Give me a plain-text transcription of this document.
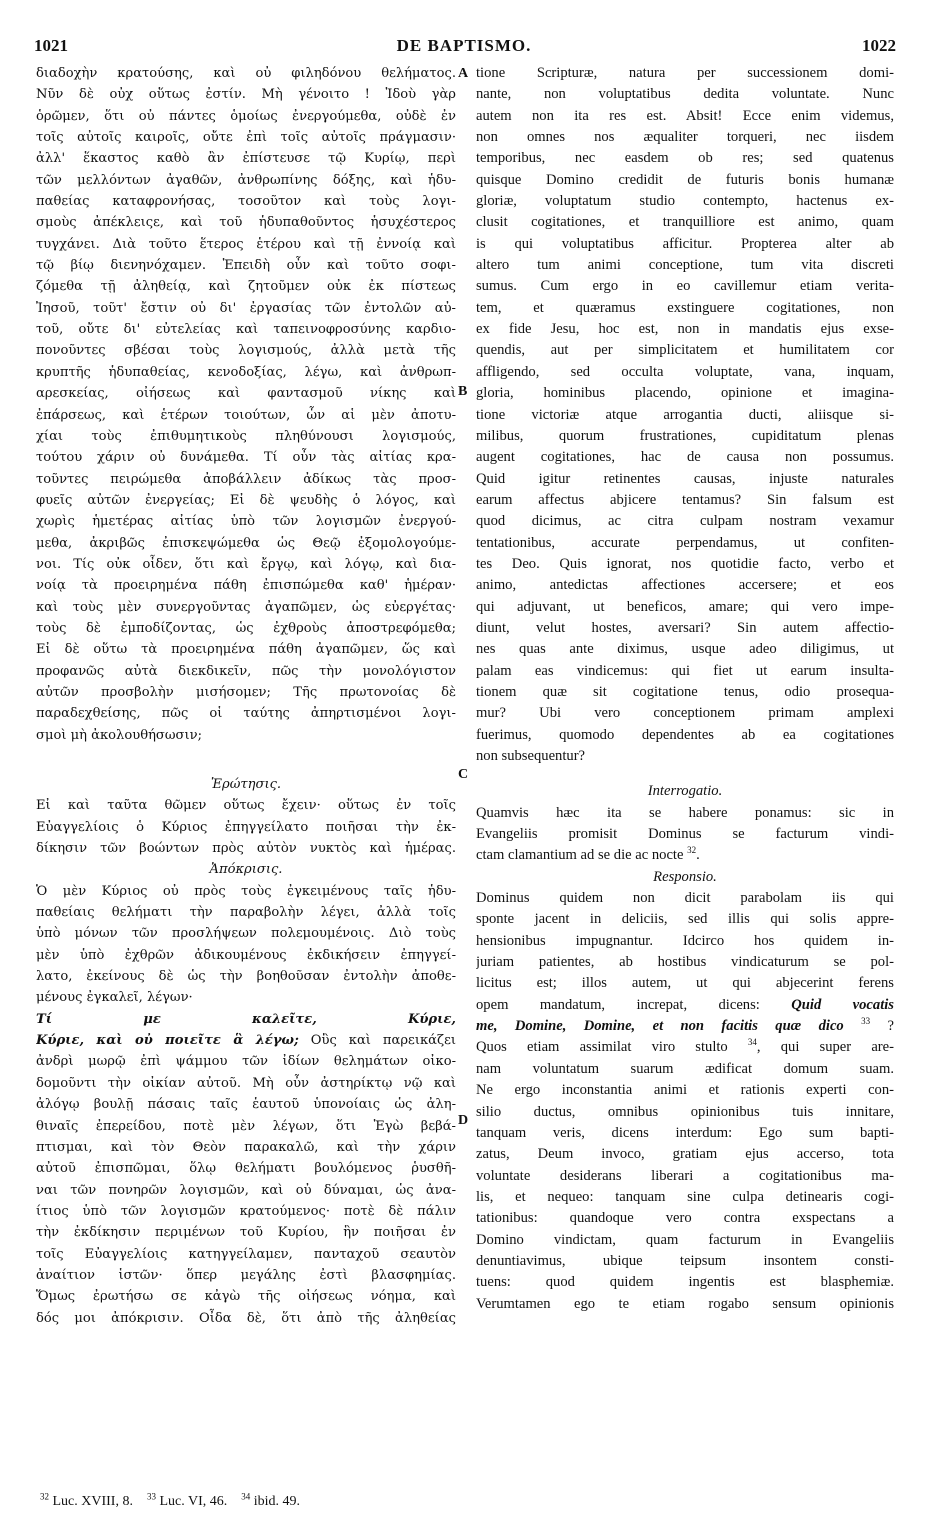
1021	DE BAPTISMO.	1022
A
B
C
D
διαδοχὴν κρατούσης, καὶ οὐ φιληδόνου θελήματος.
Νῦν δὲ οὐχ οὕτως ἐστίν. Μὴ γένοιτο ! Ἰδοὺ γὰρ
ὁρῶμεν, ὅτι οὐ πάντες ὁμοίως ἐνεργούμεθα, οὐδὲ ἐν
τοῖς αὐτοῖς καιροῖς, οὔτε ἐπὶ τοῖς αὐτοῖς πράγμασιν·
ἀλλ' ἕκαστος καθὸ ἂν ἐπίστευσε τῷ Κυρίῳ, περὶ
τῶν μελλόντων ἀγαθῶν, ἀνθρωπίνης δόξης, καὶ ἡδυ-
παθείας καταφρονήσας, τοσοῦτον καὶ τοὺς λογι-
σμοὺς ἀπέκλειςε, καὶ τοῦ ἡδυπαθοῦντος ἡσυχέστερος
τυγχάνει. Διὰ τοῦτο ἕτερος ἑτέρου καὶ τῇ ἐννοίᾳ καὶ
τῷ βίῳ διενηνόχαμεν. Ἐπειδὴ οὖν καὶ τοῦτο σοφι-
ζόμεθα τῇ ἀληθείᾳ, καὶ ζητοῦμεν οὐκ ἐκ πίστεως
Ἰησοῦ, τοῦτ' ἔστιν οὐ δι' ἐργασίας τῶν ἐντολῶν αὐ-
τοῦ, οὔτε δι' εὐτελείας καὶ ταπεινοφροσύνης καρδιο-
πονοῦντες σβέσαι τοὺς λογισμούς, ἀλλὰ μετὰ τῆς
κρυπτῆς ἡδυπαθείας, κενοδοξίας, λέγω, καὶ ἀνθρωπ-
αρεσκείας, οἰήσεως καὶ φαντασμοῦ νίκης καὶ
ἐπάρσεως, καὶ ἑτέρων τοιούτων, ὧν αἱ μὲν ἀποτυ-
χίαι τοὺς ἐπιθυμητικοὺς πληθύνουσι λογισμούς,
τούτου χάριν οὐ δυνάμεθα. Τί οὖν τὰς αἰτίας κρα-
τοῦντες πειρώμεθα ἀποβάλλειν ἀδίκως τὰς προσ-
φυεῖς αὐτῶν ἐνεργείας; Εἰ δὲ ψευδὴς ὁ λόγος, καὶ
χωρὶς ἡμετέρας αἰτίας ὑπὸ τῶν λογισμῶν ἐνεργού-
μεθα, ἀκριβῶς ἐπισκεψώμεθα ὡς Θεῷ ἐξομολογούμε-
νοι. Τίς οὐκ οἶδεν, ὅτι καὶ ἔργῳ, καὶ λόγῳ, καὶ δια-
νοίᾳ τὰ προειρημένα πάθη ἐπισπώμεθα καθ' ἡμέραν·
καὶ τοὺς μὲν συνεργοῦντας ἀγαπῶμεν, ὡς εὐεργέτας·
τοὺς δὲ ἐμποδίζοντας, ὡς ἐχθροὺς ἀποστρεφόμεθα;
Εἰ δὲ οὕτω τὰ προειρημένα πάθη ἀγαπῶμεν, ὥς καὶ
προφανῶς αὐτὰ διεκδικεῖν, πῶς τὴν μονολόγιστον
αὐτῶν προσβολὴν μισήσομεν; Τῆς πρωτονοίας δὲ
παραδεχθείσης, πῶς οἱ ταύτης ἀπηρτισμένοι λογι-
σμοὶ μὴ ἀκολουθήσωσιν;
Ἐρώτησις.
Εἰ καὶ ταῦτα θῶμεν οὕτως ἔχειν· οὕτως ἐν τοῖς
Εὐαγγελίοις ὁ Κύριος ἐπηγγείλατο ποιῆσαι τὴν ἐκ-
δίκησιν τῶν βοώντων πρὸς αὐτὸν νυκτὸς καὶ ἡμέρας.
Ἀπόκρισις.
Ὁ μὲν Κύριος οὐ πρὸς τοὺς ἐγκειμένους ταῖς ἡδυ-
παθείαις θελήματι τὴν παραβολὴν λέγει, ἀλλὰ τοῖς
ὑπὸ μόνων τῶν προσλήψεων πολεμουμένοις. Διὸ τοὺς
μὲν ὑπὸ ἐχθρῶν ἀδικουμένους ἐκδικήσειν ἐπηγγεί-
λατο, ἐκείνους δὲ ὡς τὴν βοηθοῦσαν ἐντολὴν ἀποθε-
μένους ἐγκαλεῖ, λέγων·
Τί με καλεῖτε, Κύριε,
Κύριε, καὶ οὐ ποιεῖτε ἃ λέγω; Οὓς καὶ παρεικάζει
ἀνδρὶ μωρῷ ἐπὶ ψάμμου τῶν ἰδίων θελημάτων οἰκο-
δομοῦντι τὴν οἰκίαν αὐτοῦ. Μὴ οὖν ἀστηρίκτῳ νῷ καὶ
ἀλόγῳ βουλῇ πάσαις ταῖς ἑαυτοῦ ὑπονοίαις ὡς ἀλη-
θιναῖς ἐπερείδου, ποτὲ μὲν λέγων, ὅτι Ἐγὼ βεβά-
πτισμαι, καὶ τὸν Θεὸν παρακαλῶ, καὶ τὴν χάριν
αὐτοῦ ἐπισπῶμαι, ὅλῳ θελήματι βουλόμενος ῥυσθῆ-
ναι τῶν πονηρῶν λογισμῶν, καὶ οὐ δύναμαι, ὡς ἀνα-
ίτιος ὑπὸ τῶν λογισμῶν κρατούμενος· ποτὲ δὲ πάλιν
τὴν ἐκδίκησιν περιμένων τοῦ Κυρίου, ἣν ποιῆσαι ἐν
τοῖς Εὐαγγελίοις κατηγγείλαμεν, πανταχοῦ σεαυτὸν
ἀναίτιον ἱστῶν· ὅπερ μεγάλης ἐστὶ βλασφημίας.
Ὅμως ἐρωτήσω σε κἀγὼ τῆς οἰήσεως νόημα, καὶ
δός μοι ἀπόκρισιν. Οἶδα δὲ, ὅτι ἀπὸ τῆς ἀληθείας
tione Scripturæ, natura per successionem domi-
nante, non voluptatibus dedita voluntate. Nunc
autem non ita res est. Absit! Ecce enim videmus,
non omnes nos æqualiter torqueri, nec iisdem
temporibus, nec easdem ob res; sed quatenus
quisque Domino credidit de futuris bonis humanæ
gloriæ, voluptatum studio contempto, hactenus ex-
clusit cogitationes, et tranquilliore est animo, quam
is qui voluptatibus afficitur. Propterea alter ab
altero tum animi conceptione, tum vita discreti
sumus. Cum ergo in eo cavillemur etiam verita-
tem, et quæramus exstinguere cogitationes, non
ex fide Jesu, hoc est, non in mandatis ejus exse-
quendis, aut per simplicitatem et humilitatem cor
affligendo, sed occulta voluptate, vana, inquam,
gloria, hominibus placendo, opinione et imagina-
tione victoriæ atque arrogantia ducti, aliisque si-
milibus, quorum frustrationes, cupiditatum plenas
augent cogitationes, hac de causa non possumus.
Quid igitur retinentes causas, injuste naturales
earum affectus abjicere tentamus? Sin falsum est
quod dicimus, ac citra culpam nostram vexamur
tentationibus, accurate perpendamus, ut confiten-
tes Deo. Quis ignorat, nos quotidie facto, verbo et
animo, antedictas affectiones accersere; et eos
qui adjuvant, ut beneficos, amare; qui vero impe-
diunt, velut hostes, aversari? Sin autem affectio-
nes quas ante diximus, usque adeo diligimus, ut
palam eas vindicemus: qui fiet ut earum insulta-
tionem quæ sit cogitatione tenus, odio prosequa-
mur? Ubi vero conceptionem primam amplexi
fuerimus, quomodo dependentes ab ea cogitationes
non subsequentur?
Interrogatio.
Quamvis hæc ita se habere ponamus: sic in
Evangeliis promisit Dominus se facturum vindi-
ctam clamantium ad se die ac nocte $^{32}$.
Responsio.
Dominus quidem non dicit parabolam iis qui
sponte jacent in deliciis, sed illis qui solis appre-
hensionibus impugnantur. Idcirco hos quidem in-
juriam patientes, ab hostibus vindicaturum se pol-
licitus est; illos autem, ut qui abjecerint ferens
opem mandatum, increpat, dicens: Quid vocatis
me, Domine, Domine, et non facitis quæ dico $^{33}$ ?
Quos etiam assimilat viro stulto $^{34}$, qui super are-
nam voluntatum suarum ædificat domum suam.
Ne ergo inconstantia animi et rationis experti con-
silio ductus, omnibus opinionibus tuis innitare,
tanquam veris, dicens interdum: Ego sum bapti-
zatus, Deum invoco, gratiam ejus accerso, tota
voluntate desiderans liberari a cogitationibus ma-
lis, et nequeo: tanquam sine culpa detinearis cogi-
tationibus: quandoque vero contra exspectans a
Domino vindictam, quam facturum in Evangeliis
denuntiavimus, ubique teipsum insontem consti-
tuens: quod quidem ingentis est blasphemiæ.
Verumtamen ego te etiam rogabo sensum opinionis
$^{32}$ Luc. XVIII, 8. $^{33}$ Luc. VI, 46. $^{34}$ ibid. 49.
